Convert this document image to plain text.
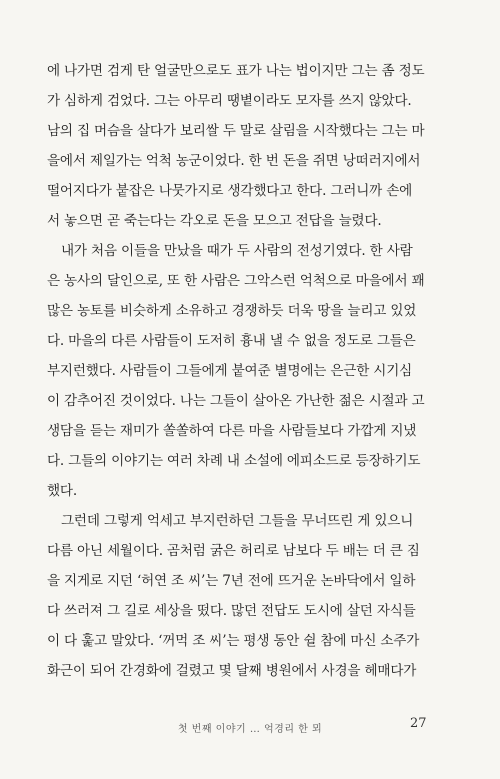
에 나가면 검게 탄 얼굴만으로도 표가 나는 법이지만 그는 좀 정도
가 심하게 검었다. 그는 아무리 땡볕이라도 모자를 쓰지 않았다.
남의 집 머슴을 살다가 보리쌀 두 말로 살림을 시작했다는 그는 마
을에서 제일가는 억척 농군이었다. 한 번 돈을 쥐면 낭떠러지에서
떨어지다가 붙잡은 나뭇가지로 생각했다고 한다. 그러니까 손에
서 놓으면 곧 죽는다는 각오로 돈을 모으고 전답을 늘렸다.
내가 처음 이들을 만났을 때가 두 사람의 전성기였다. 한 사람
은 농사의 달인으로, 또 한 사람은 그악스런 억척으로 마을에서 꽤
많은 농토를 비슷하게 소유하고 경쟁하듯 더욱 땅을 늘리고 있었
다. 마을의 다른 사람들이 도저히 흉내 낼 수 없을 정도로 그들은
부지런했다. 사람들이 그들에게 붙여준 별명에는 은근한 시기심
이 감추어진 것이었다. 나는 그들이 살아온 가난한 젊은 시절과 고
생담을 듣는 재미가 쏠쏠하여 다른 마을 사람들보다 가깝게 지냈
다. 그들의 이야기는 여러 차례 내 소설에 에피소드로 등장하기도
했다.
그런데 그렇게 억세고 부지런하던 그들을 무너뜨린 게 있으니
다름 아닌 세월이다. 곰처럼 굵은 허리로 남보다 두 배는 더 큰 짐
을 지게로 지던 ‘허연 조 씨’는 7년 전에 뜨거운 논바닥에서 일하
다 쓰러져 그 길로 세상을 떴다. 많던 전답도 도시에 살던 자식들
이 다 훑고 말았다. ‘꺼먹 조 씨’는 평생 동안 쉴 참에 마신 소주가
화근이 되어 간경화에 걸렸고 몇 달째 병원에서 사경을 헤매다가
첫 번째 이야기 … 억경리 한 뫼	27
